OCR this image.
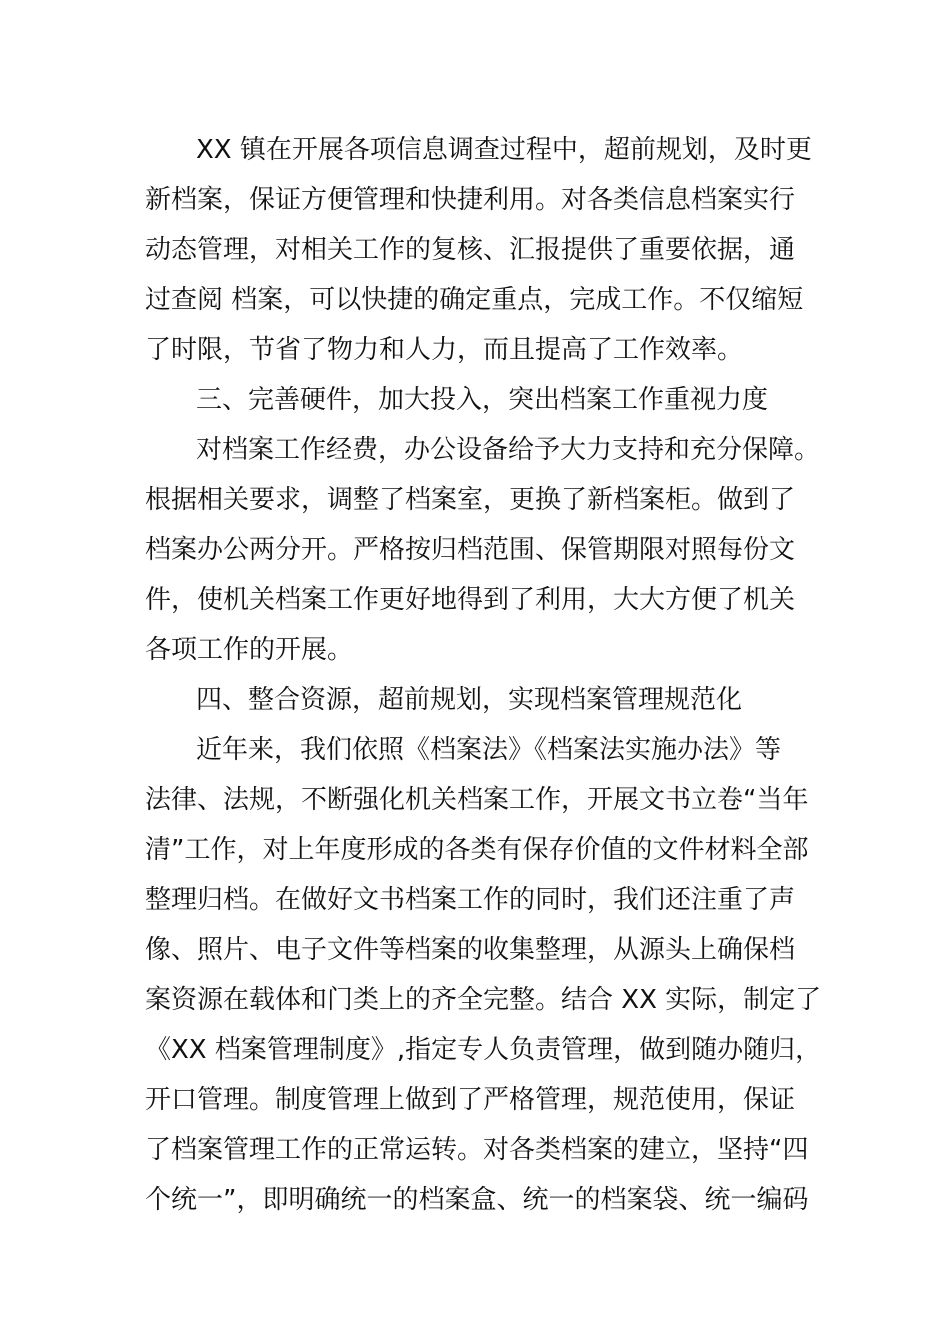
XX 镇在开展各项信息调查过程中，超前规划，及时更
新档案，保证方便管理和快捷利用。对各类信息档案实行
动态管理，对相关工作的复核、汇报提供了重要依据，通
过查阅 档案，可以快捷的确定重点，完成工作。不仅缩短
了时限，节省了物力和人力，而且提高了工作效率。
三、完善硬件，加大投入，突出档案工作重视力度
对档案工作经费，办公设备给予大力支持和充分保障。
根据相关要求，调整了档案室，更换了新档案柜。做到了
档案办公两分开。严格按归档范围、保管期限对照每份文
件，使机关档案工作更好地得到了利用，大大方便了机关
各项工作的开展。
四、整合资源，超前规划，实现档案管理规范化
近年来，我们依照《档案法》《档案法实施办法》等
法律、法规，不断强化机关档案工作，开展文书立卷“当年
清”工作，对上年度形成的各类有保存价值的文件材料全部
整理归档。在做好文书档案工作的同时，我们还注重了声
像、照片、电子文件等档案的收集整理，从源头上确保档
案资源在载体和门类上的齐全完整。结合 XX 实际，制定了
《XX 档案管理制度》,指定专人负责管理，做到随办随归，
开口管理。制度管理上做到了严格管理，规范使用，保证
了档案管理工作的正常运转。对各类档案的建立，坚持“四
个统一”，即明确统一的档案盒、统一的档案袋、统一编码
